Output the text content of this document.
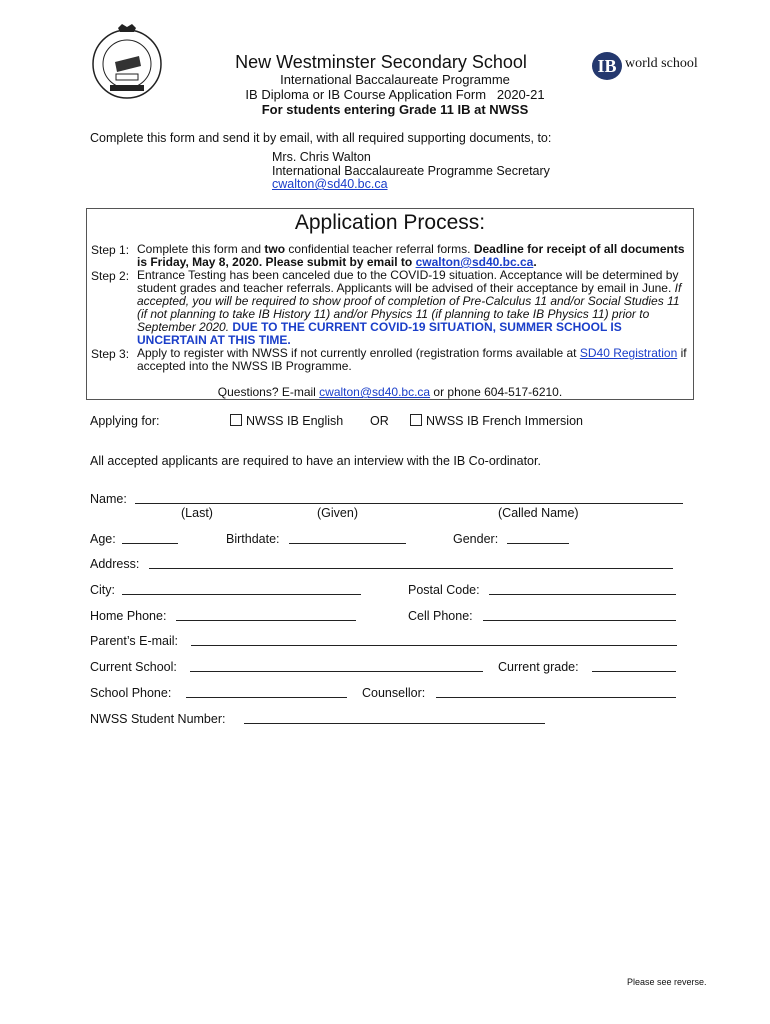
New Westminster Secondary School
International Baccalaureate Programme
IB Diploma or IB Course Application Form   2020-21
For students entering Grade 11 IB at NWSS
IB world school
Complete this form and send it by email, with all required supporting documents, to:
Mrs. Chris Walton
International Baccalaureate Programme Secretary
cwalton@sd40.bc.ca
Application Process:
Step 1: Complete this form and two confidential teacher referral forms. Deadline for receipt of all documents is Friday, May 8, 2020. Please submit by email to cwalton@sd40.bc.ca.
Step 2: Entrance Testing has been canceled due to the COVID-19 situation. Acceptance will be determined by student grades and teacher referrals. Applicants will be advised of their acceptance by email in June. If accepted, you will be required to show proof of completion of Pre-Calculus 11 and/or Social Studies 11 (if not planning to take IB History 11) and/or Physics 11 (if planning to take IB Physics 11) prior to September 2020. DUE TO THE CURRENT COVID-19 SITUATION, SUMMER SCHOOL IS UNCERTAIN AT THIS TIME.
Step 3: Apply to register with NWSS if not currently enrolled (registration forms available at SD40 Registration if accepted into the NWSS IB Programme.
Questions? E-mail cwalton@sd40.bc.ca or phone 604-517-6210.
Applying for:	NWSS IB English OR	NWSS IB French Immersion
All accepted applicants are required to have an interview with the IB Co-ordinator.
Name:
(Last)	(Given)	(Called Name)
Age:	Birthdate:	Gender:
Address:
City:	Postal Code:
Home Phone:	Cell Phone:
Parent’s E-mail:
Current School:	Current grade:
School Phone:	Counsellor:
NWSS Student Number:
Please see reverse.
